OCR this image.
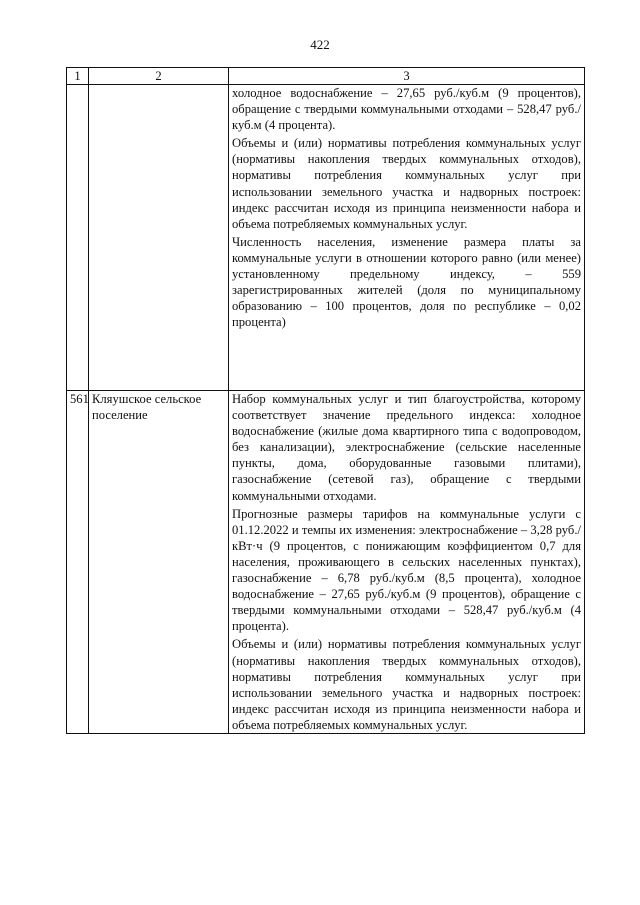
422
1	2	3

		холодное водоснабжение – 27,65 руб./куб.м (9 процентов), обращение с твердыми коммунальными отходами – 528,47 руб./куб.м (4 процента).

Объемы и (или) нормативы потребления коммунальных услуг (нормативы накопления твердых коммунальных отходов), нормативы потребления коммунальных услуг при использовании земельного участка и надворных построек: индекс рассчитан исходя из принципа неизменности набора и объема потребляемых коммунальных услуг.

Численность населения, изменение размера платы за коммунальные услуги в отношении которого равно (или менее) установленному предельному индексу, – 559 зарегистрированных жителей (доля по муниципальному образованию – 100 процентов, доля по республике – 0,02 процента)

561	Кляушское сельское поселение	Набор коммунальных услуг и тип благоустройства, которому соответствует значение предельного индекса: холодное водоснабжение (жилые дома квартирного типа с водопроводом, без канализации), электроснабжение (сельские населенные пункты, дома, оборудованные газовыми плитами), газоснабжение (сетевой газ), обращение с твердыми коммунальными отходами.

Прогнозные размеры тарифов на коммунальные услуги с 01.12.2022 и темпы их изменения: электроснабжение – 3,28 руб./кВт·ч (9 процентов, с понижающим коэффициентом 0,7 для населения, проживающего в сельских населенных пунктах), газоснабжение – 6,78 руб./куб.м (8,5 процента), холодное водоснабжение – 27,65 руб./куб.м (9 процентов), обращение с твердыми коммунальными отходами – 528,47 руб./куб.м (4 процента).

Объемы и (или) нормативы потребления коммунальных услуг (нормативы накопления твердых коммунальных отходов), нормативы потребления коммунальных услуг при использовании земельного участка и надворных построек: индекс рассчитан исходя из принципа неизменности набора и объема потребляемых коммунальных услуг.
